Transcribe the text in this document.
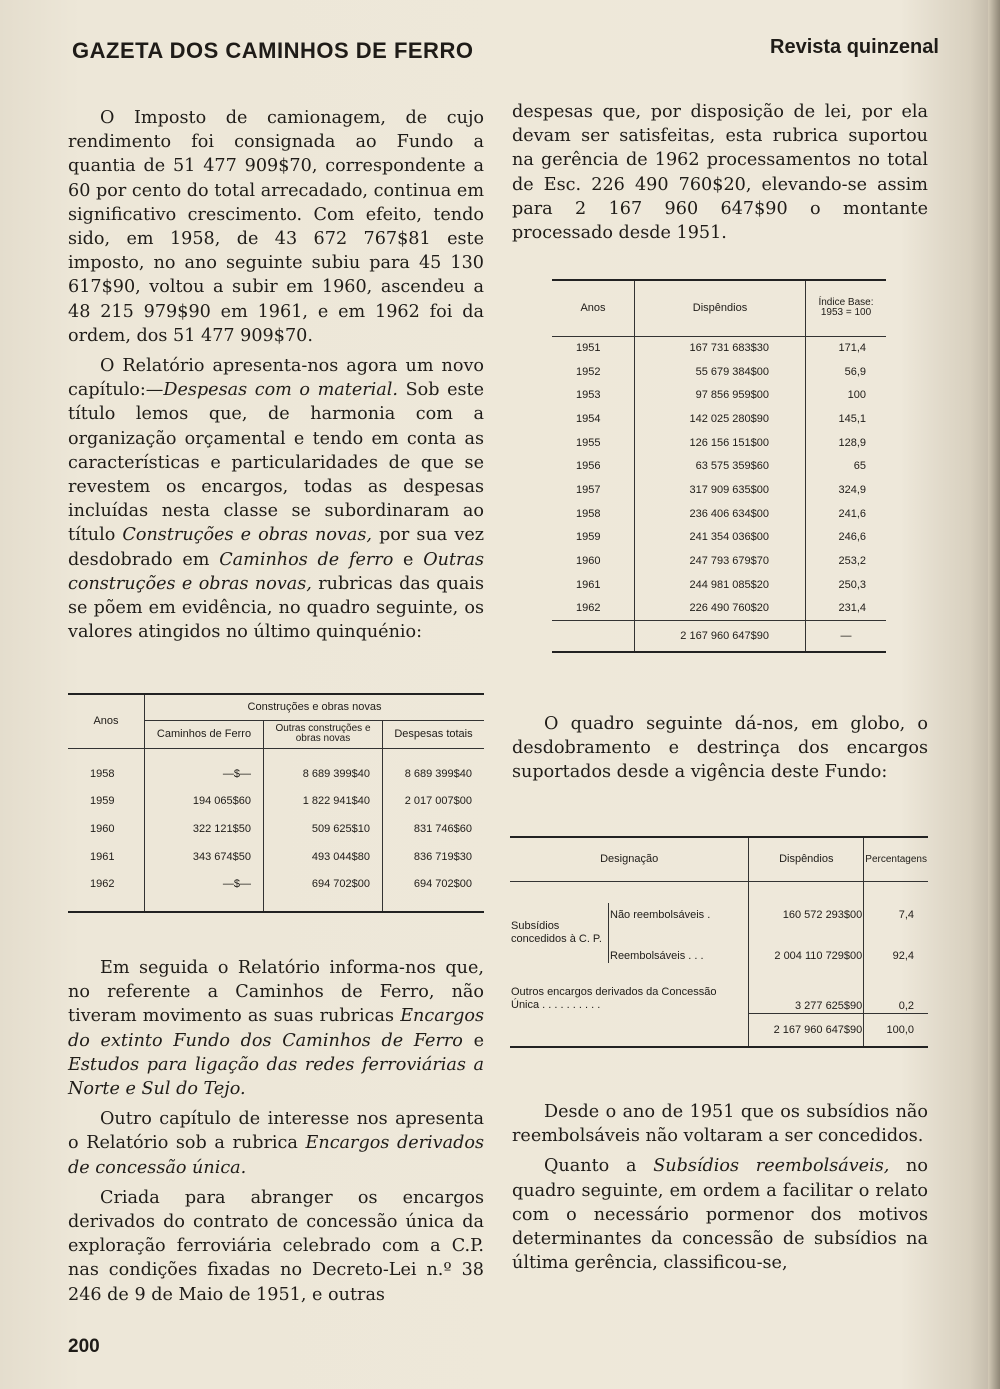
GAZETA DOS CAMINHOS DE FERRO	Revista quinzenal

O Imposto de camionagem, de cujo rendimento foi consignada ao Fundo a quantia de 51 477 909$70, correspondente a 60 por cento do total arrecadado, continua em significativo crescimento. Com efeito, tendo sido, em 1958, de 43 672 767$81 este imposto, no ano seguinte subiu para 45 130 617$90, voltou a subir em 1960, ascendeu a 48 215 979$90 em 1961, e em 1962 foi da ordem, dos 51 477 909$70.

O Relatório apresenta-nos agora um novo capítulo:—Despesas com o material. Sob este título lemos que, de harmonia com a organização orçamental e tendo em conta as características e particularidades de que se revestem os encargos, todas as despesas incluídas nesta classe se subordinaram ao título Construções e obras novas, por sua vez desdobrado em Caminhos de ferro e Outras construções e obras novas, rubricas das quais se põem em evidência, no quadro seguinte, os valores atingidos no último quinquénio:

Anos	Construções e obras novas		
	Caminhos de Ferro	Outras construções e obras novas	Despesas totais

1958	—$—	8 689 399$40	8 689 399$40
1959	194 065$60	1 822 941$40	2 017 007$00
1960	322 121$50	509 625$10	831 746$60
1961	343 674$50	493 044$80	836 719$30
1962	—$—	694 702$00	694 702$00

Em seguida o Relatório informa-nos que, no referente a Caminhos de Ferro, não tiveram movimento as suas rubricas Encargos do extinto Fundo dos Caminhos de Ferro e Estudos para ligação das redes ferroviárias a Norte e Sul do Tejo.

Outro capítulo de interesse nos apresenta o Relatório sob a rubrica Encargos derivados de concessão única.

Criada para abranger os encargos derivados do contrato de concessão única da exploração ferroviária celebrado com a C.P. nas condições fixadas no Decreto-Lei n.º 38 246 de 9 de Maio de 1951, e outras

despesas que, por disposição de lei, por ela devam ser satisfeitas, esta rubrica suportou na gerência de 1962 processamentos no total de Esc. 226 490 760$20, elevando-se assim para 2 167 960 647$90 o montante processado desde 1951.

Anos	Dispêndios	Índice Base: 1953 = 100
1951	167 731 683$30	171,4
1952	55 679 384$00	56,9
1953	97 856 959$00	100
1954	142 025 280$90	145,1
1955	126 156 151$00	128,9
1956	63 575 359$60	65
1957	317 909 635$00	324,9
1958	236 406 634$00	241,6
1959	241 354 036$00	246,6
1960	247 793 679$70	253,2
1961	244 981 085$20	250,3
1962	226 490 760$20	231,4
	2 167 960 647$90	—

O quadro seguinte dá-nos, em globo, o desdobramento e destrinça dos encargos suportados desde a vigência deste Fundo:

Designação		Dispêndios	Percentagens

Subsídios concedidos à C. P.	Não reembolsáveis .	160 572 293$00	7,4
	Reembolsáveis . . .	2 004 110 729$00	92,4
Outros encargos derivados da Concessão Única . . . . . . . . . .		3 277 625$90	0,2
		2 167 960 647$90	100,0

Desde o ano de 1951 que os subsídios não reembolsáveis não voltaram a ser concedidos.

Quanto a Subsídios reembolsáveis, no quadro seguinte, em ordem a facilitar o relato com o necessário pormenor dos motivos determinantes da concessão de subsídios na última gerência, classificou-se,

200
